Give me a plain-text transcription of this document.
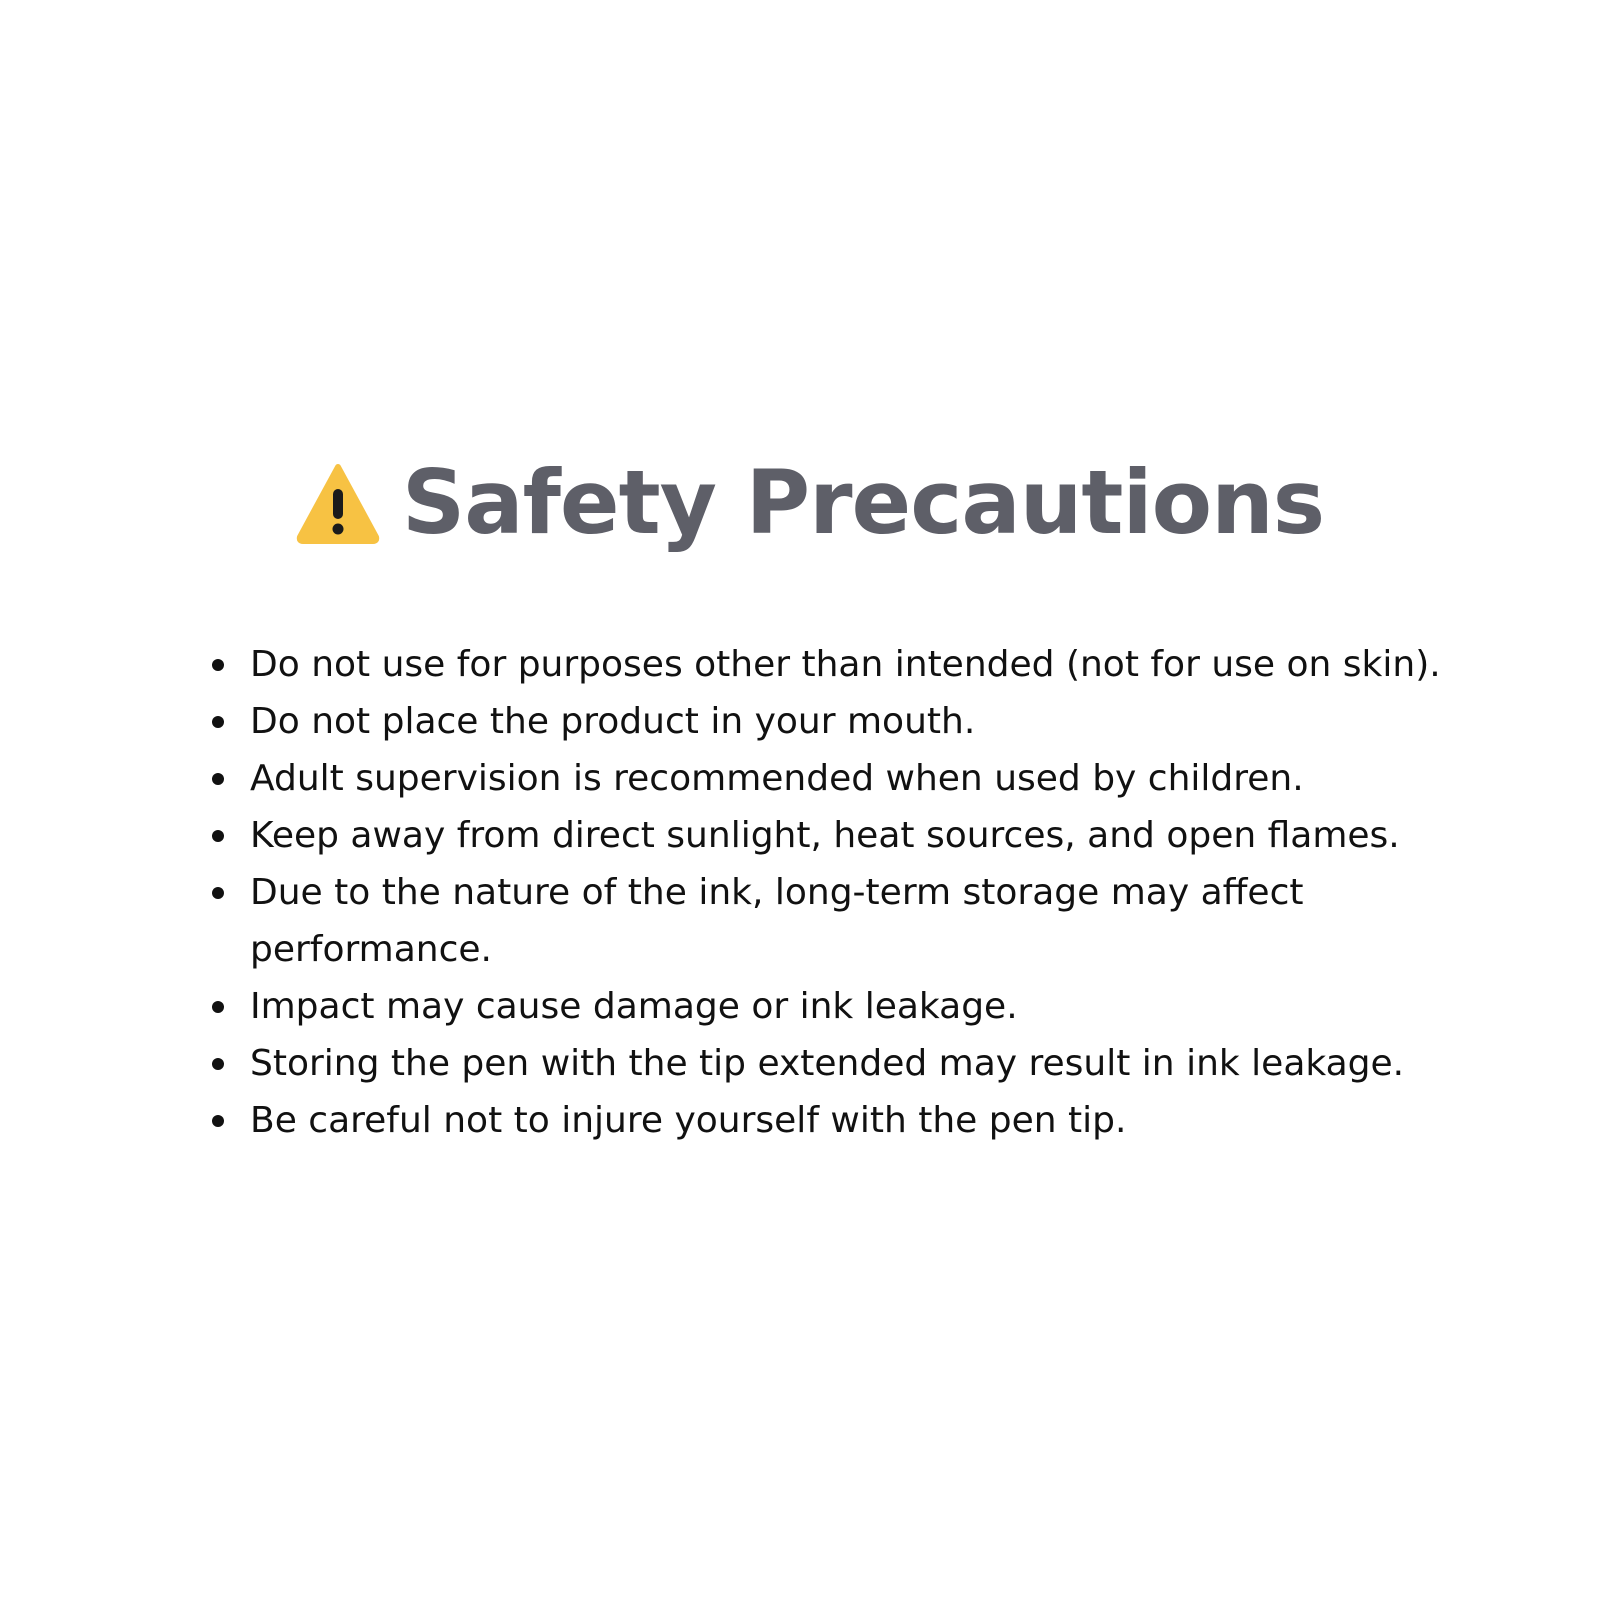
Safety Precautions
Do not use for purposes other than intended (not for use on skin).
Do not place the product in your mouth.
Adult supervision is recommended when used by children.
Keep away from direct sunlight, heat sources, and open flames.
Due to the nature of the ink, long-term storage may affect performance.
Impact may cause damage or ink leakage.
Storing the pen with the tip extended may result in ink leakage.
Be careful not to injure yourself with the pen tip.
